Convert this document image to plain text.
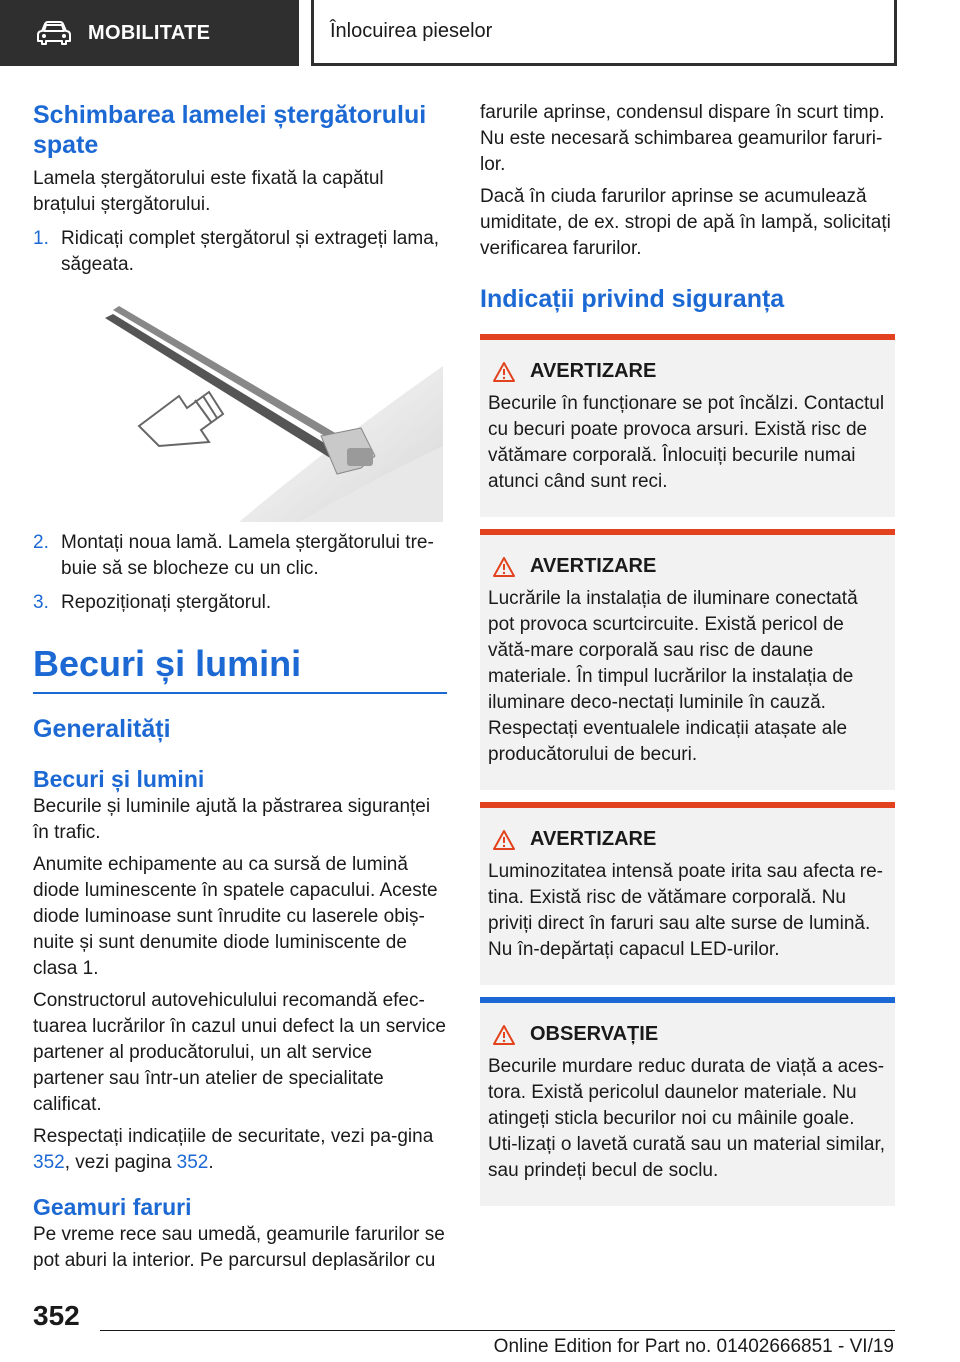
MOBILITATE	Înlocuirea pieselor
Schimbarea lamelei ștergătorului spate

Lamela ștergătorului este fixată la capătul brațului ștergătorului.

1. Ridicați complet ștergătorul și extrageți lama, săgeata.
2. Montați noua lamă. Lamela ștergătorului tre-buie să se blocheze cu un clic.
3. Repoziționați ștergătorul.
Becuri și lumini
Generalități
Becuri și lumini

Becurile și luminile ajută la păstrarea siguranței în trafic.

Anumite echipamente au ca sursă de lumină diode luminescente în spatele capacului. Aceste diode luminoase sunt înrudite cu laserele obiș-nuite și sunt denumite diode luminiscente de clasa 1.

Constructorul autovehiculului recomandă efec-tuarea lucrărilor în cazul unui defect la un service partener al producătorului, un alt service partener sau într-un atelier de specialitate calificat.

Respectați indicațiile de securitate, vezi pa-gina 352, vezi pagina 352.

Geamuri faruri

Pe vreme rece sau umedă, geamurile farurilor se pot aburi la interior. Pe parcursul deplasărilor cu

farurile aprinse, condensul dispare în scurt timp. Nu este necesară schimbarea geamurilor faruri-lor.

Dacă în ciuda farurilor aprinse se acumulează umiditate, de ex. stropi de apă în lampă, solicitați verificarea farurilor.

Indicații privind siguranța
AVERTIZARE

Becurile în funcționare se pot încălzi. Contactul cu becuri poate provoca arsuri. Există risc de vătămare corporală. Înlocuiți becurile numai atunci când sunt reci.

AVERTIZARE

Lucrările la instalația de iluminare conectată pot provoca scurtcircuite. Există pericol de vătă-mare corporală sau risc de daune materiale. În timpul lucrărilor la instalația de iluminare deco-nectați luminile în cauză. Respectați eventualele indicații atașate ale producătorului de becuri.

AVERTIZARE

Luminozitatea intensă poate irita sau afecta re-tina. Există risc de vătămare corporală. Nu priviți direct în faruri sau alte surse de lumină. Nu în-depărtați capacul LED-urilor.

OBSERVAȚIE

Becurile murdare reduc durata de viață a aces-tora. Există pericolul daunelor materiale. Nu atingeți sticla becurilor noi cu mâinile goale. Uti-lizați o lavetă curată sau un material similar, sau prindeți becul de soclu.

352
Online Edition for Part no. 01402666851 - VI/19
